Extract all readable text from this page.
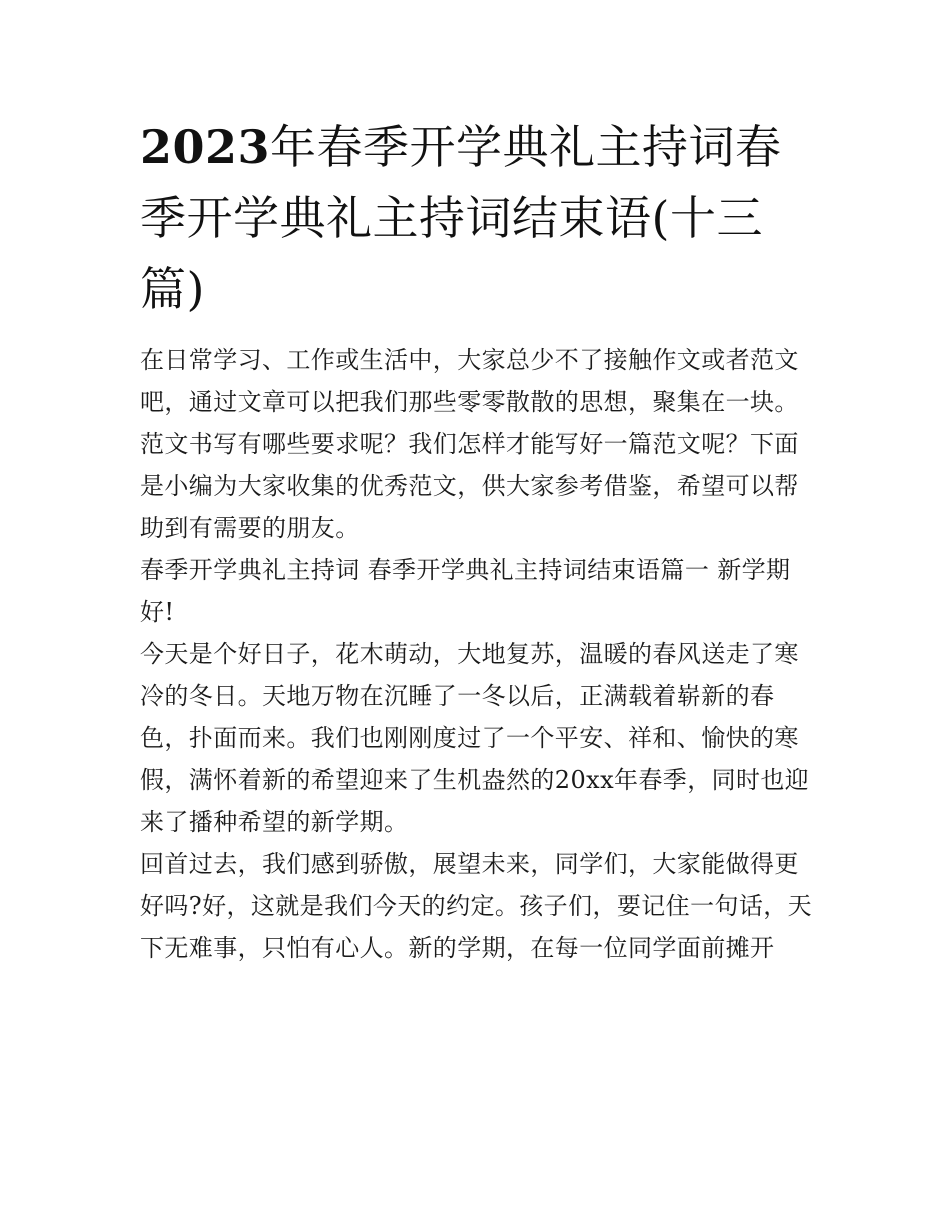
2023年春季开学典礼主持词春季开学典礼主持词结束语(十三篇)

在日常学习、工作或生活中，大家总少不了接触作文或者范文吧，通过文章可以把我们那些零零散散的思想，聚集在一块。范文书写有哪些要求呢？我们怎样才能写好一篇范文呢？下面是小编为大家收集的优秀范文，供大家参考借鉴，希望可以帮助到有需要的朋友。

春季开学典礼主持词 春季开学典礼主持词结束语篇一 新学期好!

今天是个好日子，花木萌动，大地复苏，温暖的春风送走了寒冷的冬日。天地万物在沉睡了一冬以后，正满载着崭新的春色，扑面而来。我们也刚刚度过了一个平安、祥和、愉快的寒假，满怀着新的希望迎来了生机盎然的20xx年春季，同时也迎来了播种希望的新学期。

回首过去，我们感到骄傲，展望未来，同学们，大家能做得更好吗?好，这就是我们今天的约定。孩子们，要记住一句话，天下无难事，只怕有心人。新的学期，在每一位同学面前摊开
